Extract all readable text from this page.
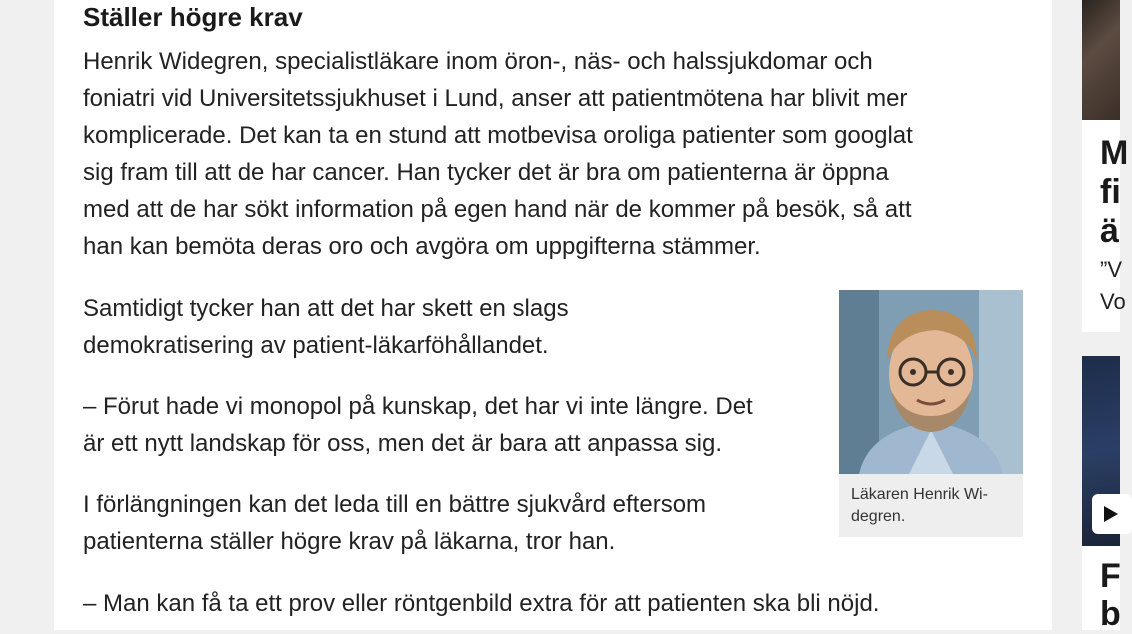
Ställer högre krav
Henrik Widegren, specialistläkare inom öron-, näs- och halssjukdomar och
foniatri vid Universitetssjukhuset i Lund, anser att patientmötena har blivit mer
komplicerade. Det kan ta en stund att motbevisa oroliga patienter som googlat
sig fram till att de har cancer. Han tycker det är bra om patienterna är öppna
med att de har sökt information på egen hand när de kommer på besök, så att
han kan bemöta deras oro och avgöra om uppgifterna stämmer.
Samtidigt tycker han att det har skett en slags
demokratisering av patient-läkarföhållandet.
– Förut hade vi monopol på kunskap, det har vi inte längre. Det
är ett nytt landskap för oss, men det är bara att anpassa sig.
I förlängningen kan det leda till en bättre sjukvård eftersom
patienterna ställer högre krav på läkarna, tror han.
– Man kan få ta ett prov eller röntgenbild extra för att patienten ska bli nöjd.
Läkaren Henrik Wi-degren.
M
fi
ä
”V
Vo
F
b
